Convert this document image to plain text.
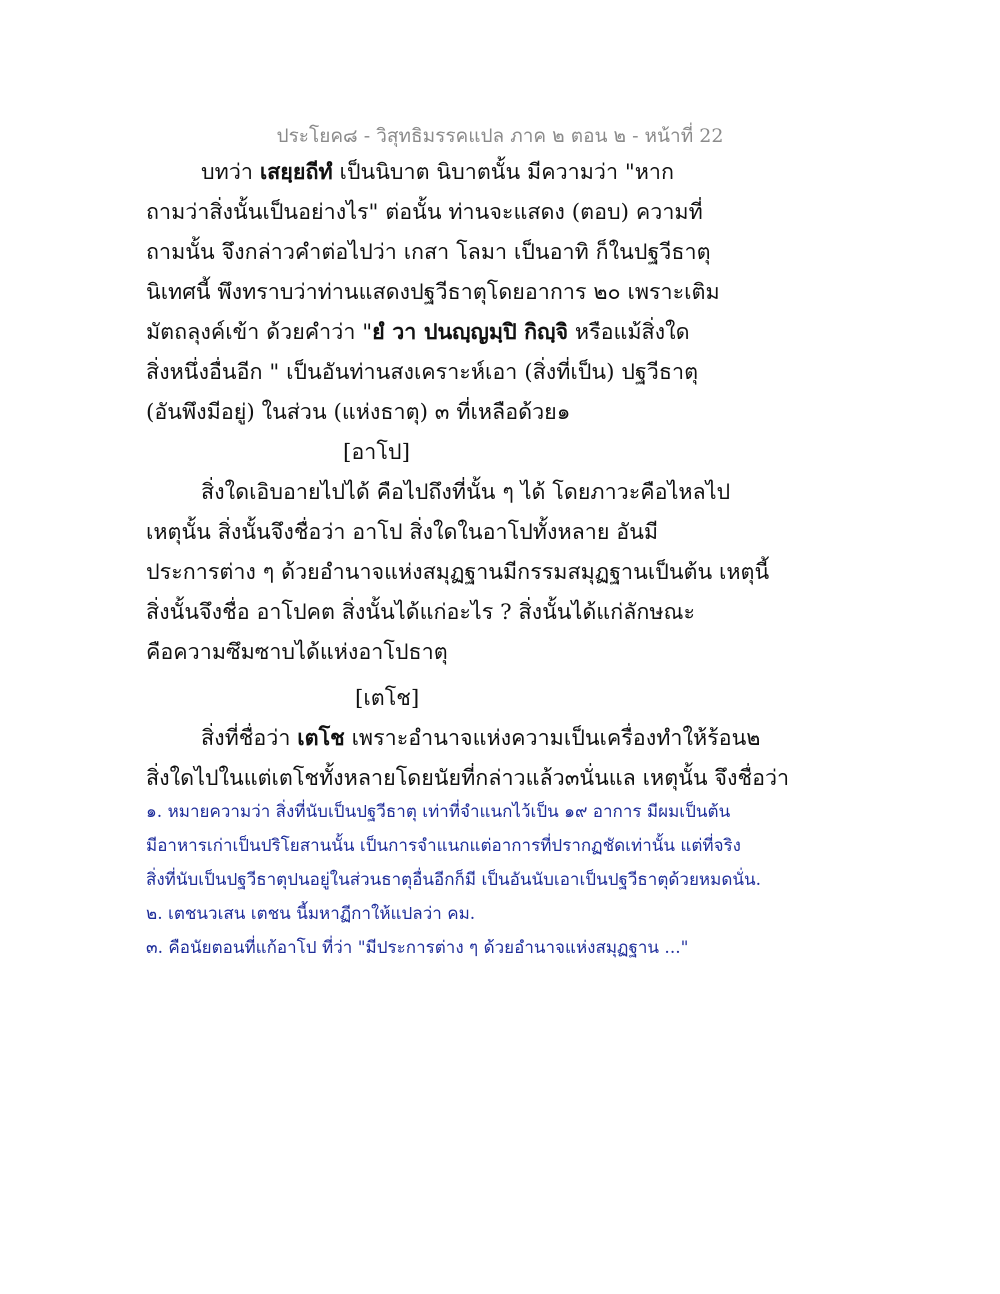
ประโยค๘ - วิสุทธิมรรคแปล ภาค ๒ ตอน ๒ - หน้าที่ 22
บทว่า เสยฺยถีทํ เป็นนิบาต นิบาตนั้น มีความว่า "หาก
ถามว่าสิ่งนั้นเป็นอย่างไร" ต่อนั้น ท่านจะแสดง (ตอบ) ความที่
ถามนั้น จึงกล่าวคำต่อไปว่า เกสา โลมา เป็นอาทิ ก็ในปฐวีธาตุ
นิเทศนี้ พึงทราบว่าท่านแสดงปฐวีธาตุโดยอาการ ๒๐ เพราะเติม
มัตถลุงค์เข้า ด้วยคำว่า "ยํ วา ปนญฺญมฺปิ กิญฺจิ หรือแม้สิ่งใด
สิ่งหนึ่งอื่นอีก " เป็นอันท่านสงเคราะห์เอา (สิ่งที่เป็น) ปฐวีธาตุ
(อันพึงมีอยู่) ในส่วน (แห่งธาตุ) ๓ ที่เหลือด้วย๑
[อาโป]
สิ่งใดเอิบอายไปได้ คือไปถึงที่นั้น ๆ ได้ โดยภาวะคือไหลไป
เหตุนั้น สิ่งนั้นจึงชื่อว่า อาโป สิ่งใดในอาโปทั้งหลาย อันมี
ประการต่าง ๆ ด้วยอำนาจแห่งสมุฏฐานมีกรรมสมุฏฐานเป็นต้น เหตุนี้
สิ่งนั้นจึงชื่อ อาโปคต สิ่งนั้นได้แก่อะไร ? สิ่งนั้นได้แก่ลักษณะ
คือความซึมซาบได้แห่งอาโปธาตุ
[เตโช]
สิ่งที่ชื่อว่า เตโช เพราะอำนาจแห่งความเป็นเครื่องทำให้ร้อน๒
สิ่งใดไปในแต่เตโชทั้งหลายโดยนัยที่กล่าวแล้ว๓นั่นแล เหตุนั้น จึงชื่อว่า
๑. หมายความว่า สิ่งที่นับเป็นปฐวีธาตุ เท่าที่จำแนกไว้เป็น ๑๙ อาการ มีผมเป็นต้น
มีอาหารเก่าเป็นปริโยสานนั้น เป็นการจำแนกแต่อาการที่ปรากฏชัดเท่านั้น แต่ที่จริง
สิ่งที่นับเป็นปฐวีธาตุปนอยู่ในส่วนธาตุอื่นอีกก็มี เป็นอันนับเอาเป็นปฐวีธาตุด้วยหมดนั่น.
๒. เตชนวเสน เตชน นี้มหาฏีกาให้แปลว่า คม.
๓. คือนัยตอนที่แก้อาโป ที่ว่า "มีประการต่าง ๆ ด้วยอำนาจแห่งสมุฏฐาน ..."
